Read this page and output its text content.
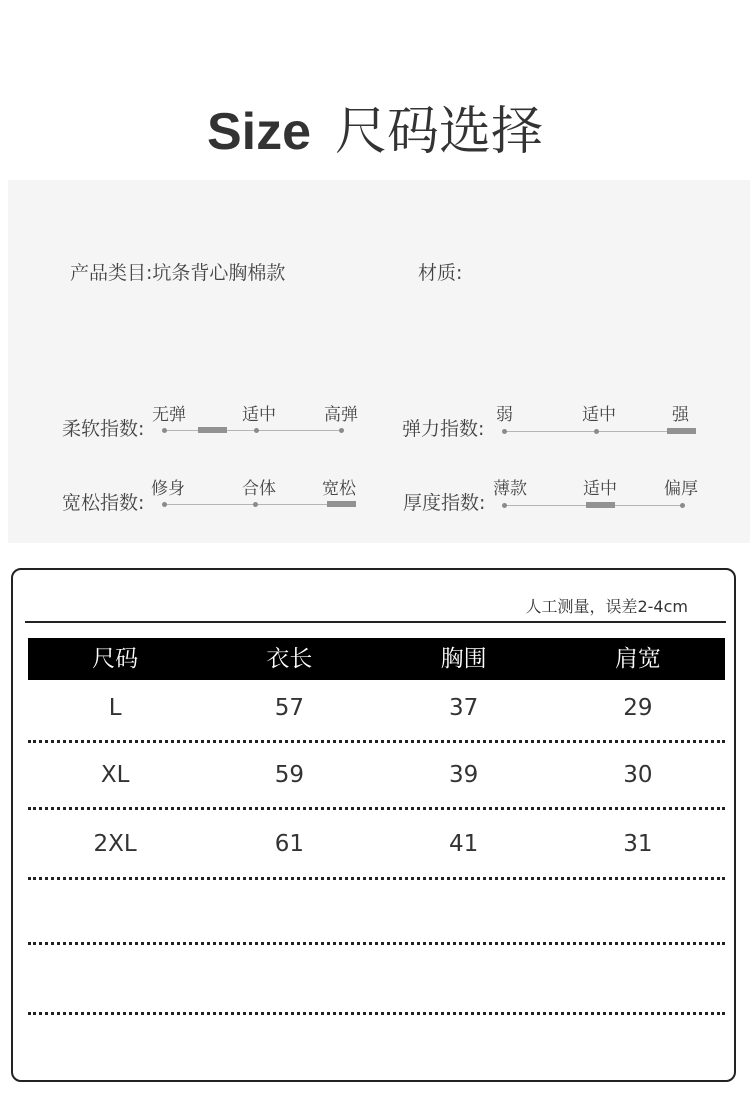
Size 尺码选择
产品类目:坑条背心胸棉款	材质:
柔软指数:
无弹	适中	高弹
弹力指数:
弱	适中	强
宽松指数:
修身	合体	宽松
厚度指数:
薄款	适中	偏厚
人工测量，误差2-4cm
尺码	衣长	胸围	肩宽
L	57	37	29
XL	59	39	30
2XL	61	41	31
